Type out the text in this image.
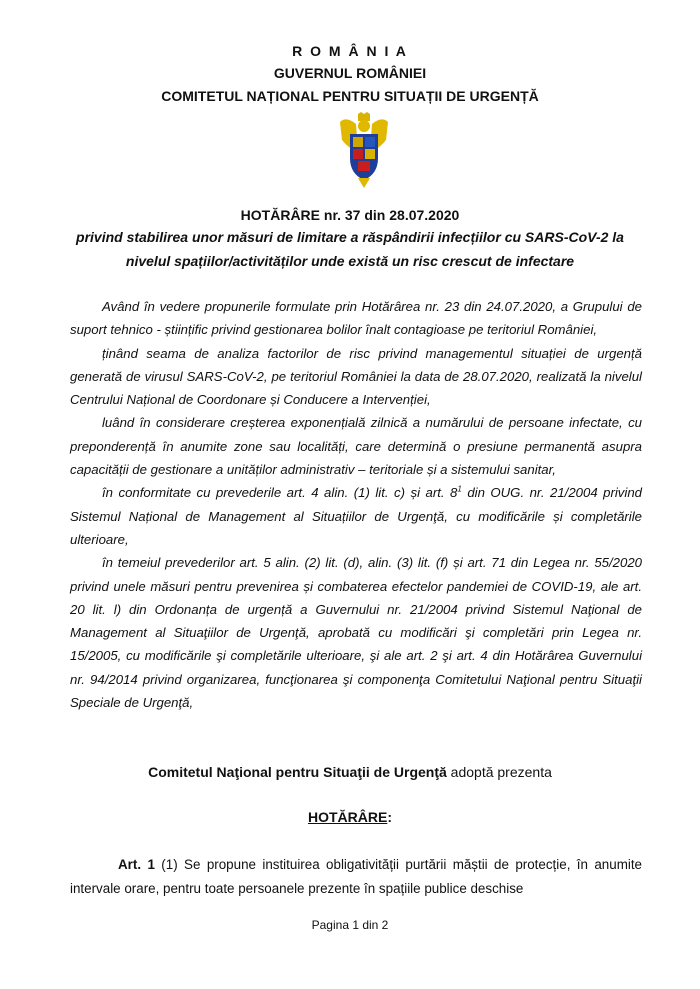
R O M Â N I A
GUVERNUL ROMÂNIEI
COMITETUL NAȚIONAL PENTRU SITUAȚII DE URGENȚĂ
HOTĂRÂRE nr. 37 din 28.07.2020
privind stabilirea unor măsuri de limitare a răspândirii infecțiilor cu SARS-CoV-2 la
nivelul spațiilor/activităților unde există un risc crescut de infectare

Având în vedere propunerile formulate prin Hotărârea nr. 23 din 24.07.2020, a Grupului de suport tehnico - științific privind gestionarea bolilor înalt contagioase pe teritoriul României,

ținând seama de analiza factorilor de risc privind managementul situației de urgență generată de virusul SARS-CoV-2, pe teritoriul României la data de 28.07.2020, realizată la nivelul Centrului Național de Coordonare și Conducere a Intervenției,

luând în considerare creșterea exponențială zilnică a numărului de persoane infectate, cu preponderență în anumite zone sau localități, care determină o presiune permanentă asupra capacității de gestionare a unităților administrativ – teritoriale și a sistemului sanitar,

în conformitate cu prevederile art. 4 alin. (1) lit. c) și art. $8^1$ din OUG. nr. 21/2004 privind Sistemul Național de Management al Situațiilor de Urgenţă, cu modificările și completările ulterioare,

în temeiul prevederilor art. 5 alin. (2) lit. (d), alin. (3) lit. (f) și art. 71 din Legea nr. 55/2020 privind unele măsuri pentru prevenirea și combaterea efectelor pandemiei de COVID-19, ale art. 20 lit. l) din Ordonanța de urgență a Guvernului nr. 21/2004 privind Sistemul Naţional de Management al Situaţiilor de Urgenţă, aprobată cu modificări şi completări prin Legea nr. 15/2005, cu modificările şi completările ulterioare, şi ale art. 2 şi art. 4 din Hotărârea Guvernului nr. 94/2014 privind organizarea, funcţionarea şi componenţa Comitetului Naţional pentru Situaţii Speciale de Urgenţă,

Comitetul Naţional pentru Situaţii de Urgenţă adoptă prezenta
HOTĂRÂRE:

Art. 1 (1) Se propune instituirea obligativității purtării măștii de protecție, în anumite intervale orare, pentru toate persoanele prezente în spațiile publice deschise

Pagina 1 din 2
